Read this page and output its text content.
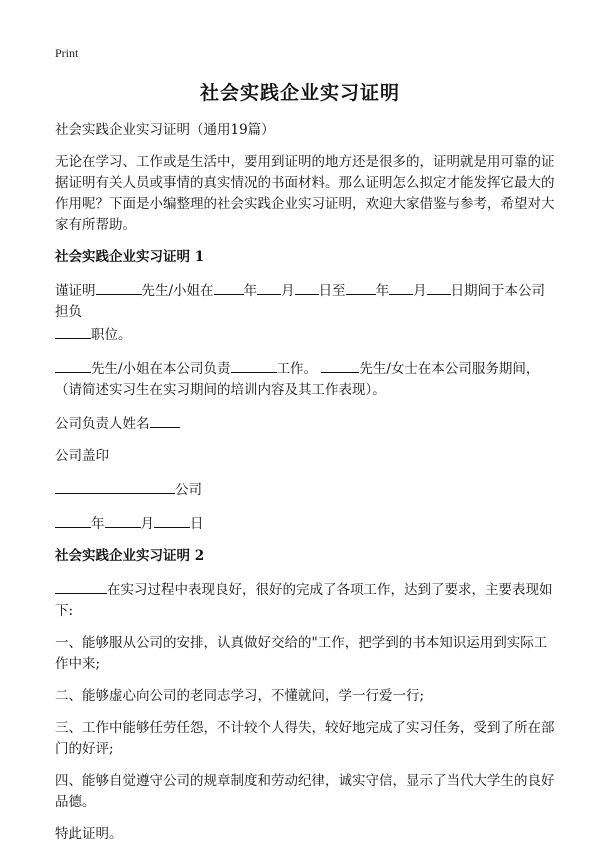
Print
社会实践企业实习证明

社会实践企业实习证明（通用19篇）

无论在学习、工作或是生活中，要用到证明的地方还是很多的，证明就是用可靠的证据证明有关人员或事情的真实情况的书面材料。那么证明怎么拟定才能发挥它最大的作用呢？下面是小编整理的社会实践企业实习证明，欢迎大家借鉴与参考，希望对大家有所帮助。

社会实践企业实习证明 1

谨证明	先生/小姐在 年 月 日至 年 月 日期间于本公司担负
职位。

先生/小姐在本公司负责	工作。	先生/女士在本公司服务期间，（请简述实习生在实习期间的培训内容及其工作表现）。

公司负责人姓名

公司盖印

公司

年	月	日

社会实践企业实习证明 2

在实习过程中表现良好，很好的完成了各项工作，达到了要求，主要表现如下:

一、能够服从公司的安排，认真做好交给的"工作，把学到的书本知识运用到实际工作中来;

二、能够虚心向公司的老同志学习，不懂就问，学一行爱一行;

三、工作中能够任劳任怨，不计较个人得失，较好地完成了实习任务，受到了所在部门的好评;

四、能够自觉遵守公司的规章制度和劳动纪律，诚实守信，显示了当代大学生的良好品德。

特此证明。
